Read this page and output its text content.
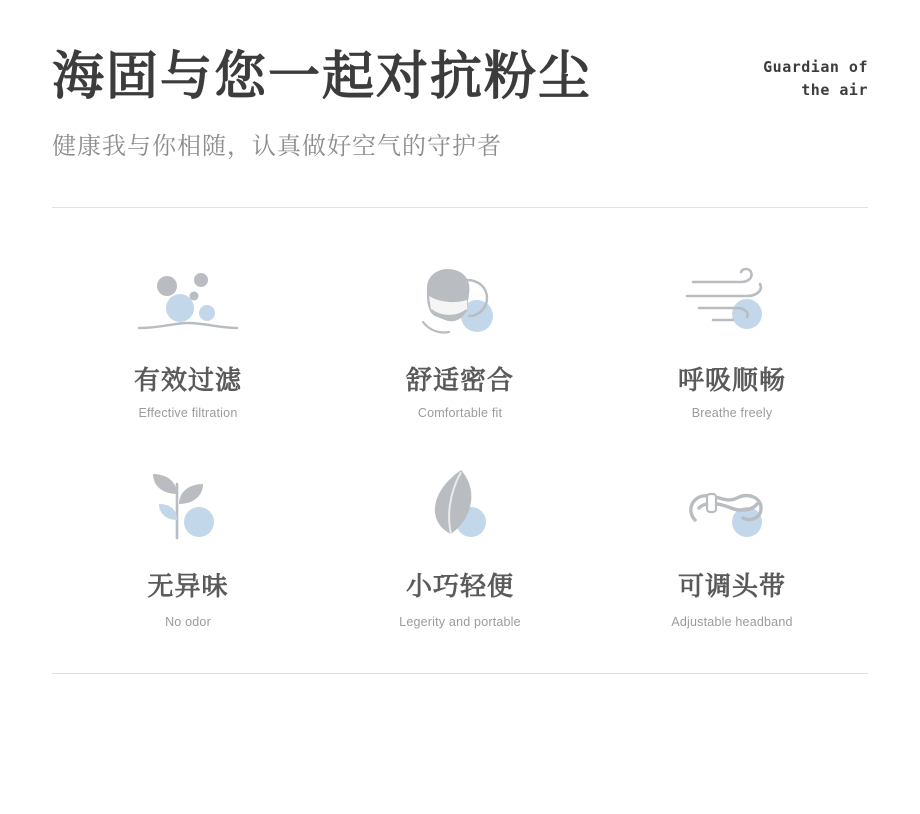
海固与您一起对抗粉尘

健康我与你相随，认真做好空气的守护者

Guardian of
the air
有效过滤
Effective filtration
舒适密合
Comfortable fit
呼吸顺畅
Breathe freely
无异味
No odor
小巧轻便
Legerity and portable
可调头带
Adjustable headband
